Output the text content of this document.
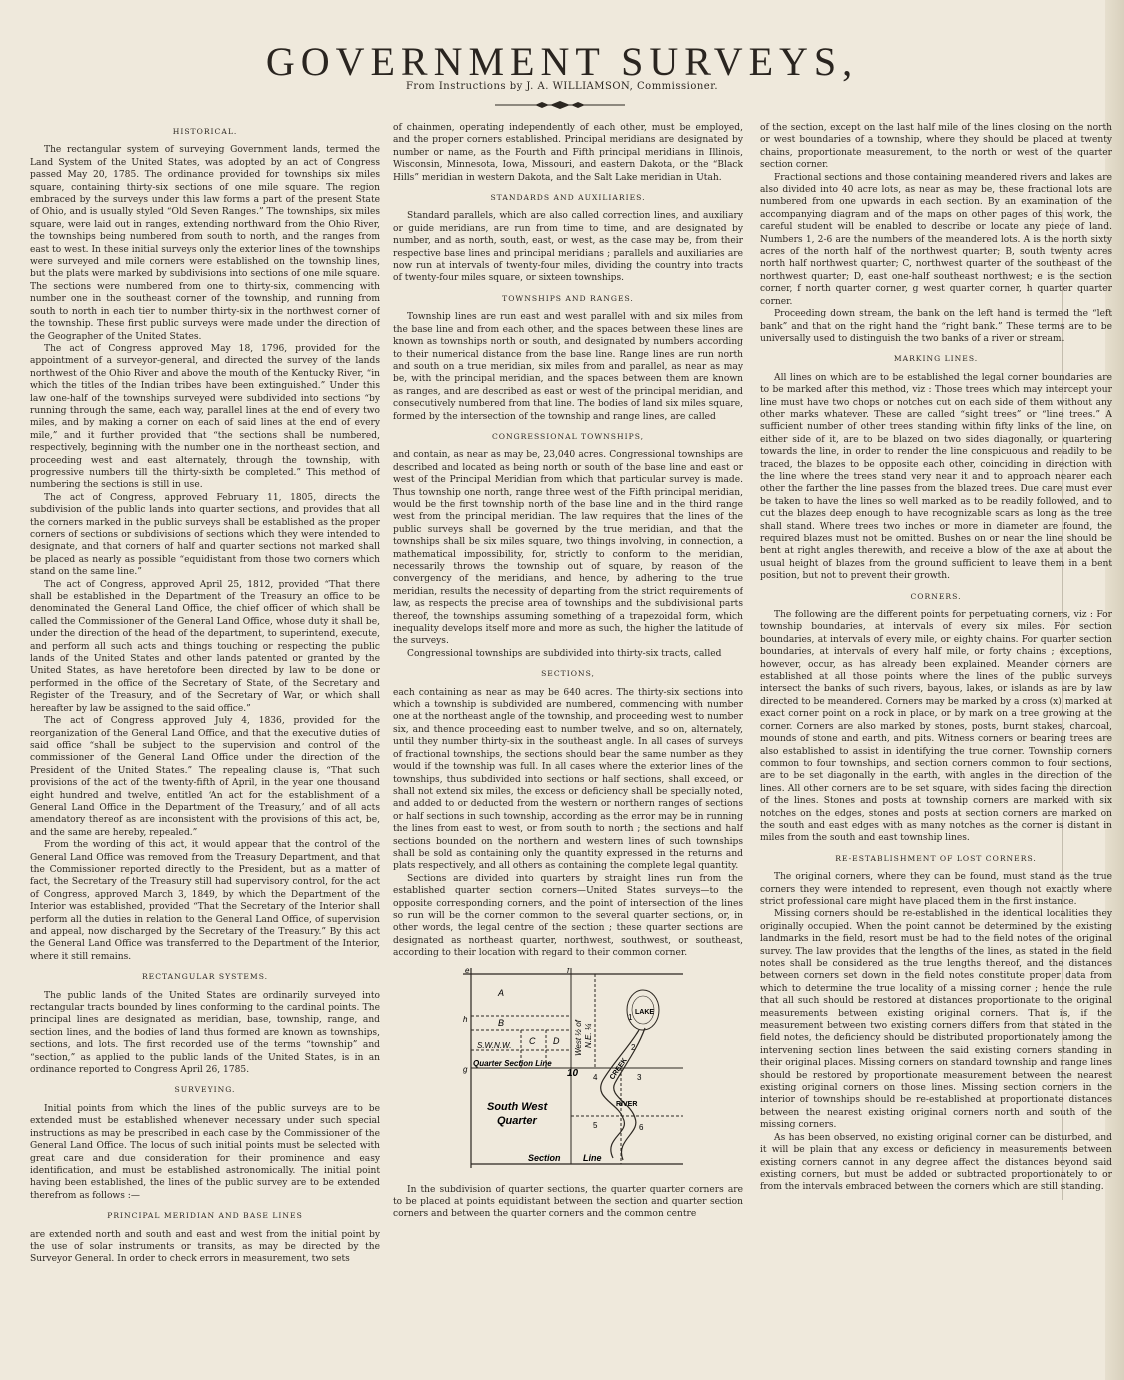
GOVERNMENT SURVEYS,
From Instructions by J. A. WILLIAMSON, Commissioner.
HISTORICAL.

The rectangular system of surveying Government lands, termed the Land System of the United States, was adopted by an act of Congress passed May 20, 1785. The ordinance provided for townships six miles square, containing thirty-six sections of one mile square. The region embraced by the surveys under this law forms a part of the present State of Ohio, and is usually styled “Old Seven Ranges.” The townships, six miles square, were laid out in ranges, extending northward from the Ohio River, the townships being numbered from south to north, and the ranges from east to west. In these initial surveys only the exterior lines of the townships were surveyed and mile corners were established on the township lines, but the plats were marked by subdivisions into sections of one mile square. The sections were numbered from one to thirty-six, commencing with number one in the southeast corner of the township, and running from south to north in each tier to number thirty-six in the northwest corner of the township. These first public surveys were made under the direction of the Geographer of the United States.

The act of Congress approved May 18, 1796, provided for the appointment of a surveyor-general, and directed the survey of the lands northwest of the Ohio River and above the mouth of the Kentucky River, “in which the titles of the Indian tribes have been extinguished.” Under this law one-half of the townships surveyed were subdivided into sections “by running through the same, each way, parallel lines at the end of every two miles, and by making a corner on each of said lines at the end of every mile,” and it further provided that “the sections shall be numbered, respectively, beginning with the number one in the northeast section, and proceeding west and east alternately, through the township, with progressive numbers till the thirty-sixth be completed.” This method of numbering the sections is still in use.

The act of Congress, approved February 11, 1805, directs the subdivision of the public lands into quarter sections, and provides that all the corners marked in the public surveys shall be established as the proper corners of sections or subdivisions of sections which they were intended to designate, and that corners of half and quarter sections not marked shall be placed as nearly as possible “equidistant from those two corners which stand on the same line.”

The act of Congress, approved April 25, 1812, provided “That there shall be established in the Department of the Treasury an office to be denominated the General Land Office, the chief officer of which shall be called the Commissioner of the General Land Office, whose duty it shall be, under the direction of the head of the department, to superintend, execute, and perform all such acts and things touching or respecting the public lands of the United States and other lands patented or granted by the United States, as have heretofore been directed by law to be done or performed in the office of the Secretary of State, of the Secretary and Register of the Treasury, and of the Secretary of War, or which shall hereafter by law be assigned to the said office.”

The act of Congress approved July 4, 1836, provided for the reorganization of the General Land Office, and that the executive duties of said office “shall be subject to the supervision and control of the commissioner of the General Land Office under the direction of the President of the United States.” The repealing clause is, “That such provisions of the act of the twenty-fifth of April, in the year one thousand eight hundred and twelve, entitled ‘An act for the establishment of a General Land Office in the Department of the Treasury,’ and of all acts amendatory thereof as are inconsistent with the provisions of this act, be, and the same are hereby, repealed.”

From the wording of this act, it would appear that the control of the General Land Office was removed from the Treasury Department, and that the Commissioner reported directly to the President, but as a matter of fact, the Secretary of the Treasury still had supervisory control, for the act of Congress, approved March 3, 1849, by which the Department of the Interior was established, provided “That the Secretary of the Interior shall perform all the duties in relation to the General Land Office, of supervision and appeal, now discharged by the Secretary of the Treasury.” By this act the General Land Office was transferred to the Department of the Interior, where it still remains.

RECTANGULAR SYSTEMS.

The public lands of the United States are ordinarily surveyed into rectangular tracts bounded by lines conforming to the cardinal points. The principal lines are designated as meridian, base, township, range, and section lines, and the bodies of land thus formed are known as townships, sections, and lots. The first recorded use of the terms “township” and “section,” as applied to the public lands of the United States, is in an ordinance reported to Congress April 26, 1785.

SURVEYING.

Initial points from which the lines of the public surveys are to be extended must be established whenever necessary under such special instructions as may be prescribed in each case by the Commissioner of the General Land Office. The locus of such initial points must be selected with great care and due consideration for their prominence and easy identification, and must be established astronomically. The initial point having been established, the lines of the public survey are to be extended therefrom as follows :—

PRINCIPAL MERIDIAN AND BASE LINES

are extended north and south and east and west from the initial point by the use of solar instruments or transits, as may be directed by the Surveyor General. In order to check errors in measurement, two sets

of chainmen, operating independently of each other, must be employed, and the proper corners established. Principal meridians are designated by number or name, as the Fourth and Fifth principal meridians in Illinois, Wisconsin, Minnesota, Iowa, Missouri, and eastern Dakota, or the “Black Hills” meridian in western Dakota, and the Salt Lake meridian in Utah.

STANDARDS AND AUXILIARIES.

Standard parallels, which are also called correction lines, and auxiliary or guide meridians, are run from time to time, and are designated by number, and as north, south, east, or west, as the case may be, from their respective base lines and principal meridians ; parallels and auxiliaries are now run at intervals of twenty-four miles, dividing the country into tracts of twenty-four miles square, or sixteen townships.

TOWNSHIPS AND RANGES.

Township lines are run east and west parallel with and six miles from the base line and from each other, and the spaces between these lines are known as townships north or south, and designated by numbers according to their numerical distance from the base line. Range lines are run north and south on a true meridian, six miles from and parallel, as near as may be, with the principal meridian, and the spaces between them are known as ranges, and are described as east or west of the principal meridian, and consecutively numbered from that line. The bodies of land six miles square, formed by the intersection of the township and range lines, are called

CONGRESSIONAL TOWNSHIPS,

and contain, as near as may be, 23,040 acres. Congressional townships are described and located as being north or south of the base line and east or west of the Principal Meridian from which that particular survey is made. Thus township one north, range three west of the Fifth principal meridian, would be the first township north of the base line and in the third range west from the principal meridian. The law requires that the lines of the public surveys shall be governed by the true meridian, and that the townships shall be six miles square, two things involving, in connection, a mathematical impossibility, for, strictly to conform to the meridian, necessarily throws the township out of square, by reason of the convergency of the meridians, and hence, by adhering to the true meridian, results the necessity of departing from the strict requirements of law, as respects the precise area of townships and the subdivisional parts thereof, the townships assuming something of a trapezoidal form, which inequality develops itself more and more as such, the higher the latitude of the surveys.

Congressional townships are subdivided into thirty-six tracts, called

SECTIONS,

each containing as near as may be 640 acres. The thirty-six sections into which a township is subdivided are numbered, commencing with number one at the northeast angle of the township, and proceeding west to number six, and thence proceeding east to number twelve, and so on, alternately, until they number thirty-six in the southeast angle. In all cases of surveys of fractional townships, the sections should bear the same number as they would if the township was full. In all cases where the exterior lines of the townships, thus subdivided into sections or half sections, shall exceed, or shall not extend six miles, the excess or deficiency shall be specially noted, and added to or deducted from the western or northern ranges of sections or half sections in such township, according as the error may be in running the lines from east to west, or from south to north ; the sections and half sections bounded on the northern and western lines of such townships shall be sold as containing only the quantity expressed in the returns and plats respectively, and all others as containing the complete legal quantity.

Sections are divided into quarters by straight lines run from the established quarter section corners—United States surveys—to the opposite corresponding corners, and the point of intersection of the lines so run will be the corner common to the several quarter sections, or, in other words, the legal centre of the section ; these quarter sections are designated as northeast quarter, northwest, southwest, or southeast, according to their location with regard to their common corner.

e	f
h
g
A
B
C D
S.W.N.W.	West ½ of N.E. ¼
Quarter Section Line
South West
Quarter
Section Line
LAKE
RIVER
CREEK
1
2
3
4
5	6
10

In the subdivision of quarter sections, the quarter quarter corners are to be placed at points equidistant between the section and quarter section corners and between the quarter corners and the common centre

of the section, except on the last half mile of the lines closing on the north or west boundaries of a township, where they should be placed at twenty chains, proportionate measurement, to the north or west of the quarter section corner.

Fractional sections and those containing meandered rivers and lakes are also divided into 40 acre lots, as near as may be, these fractional lots are numbered from one upwards in each section. By an examination of the accompanying diagram and of the maps on other pages of this work, the careful student will be enabled to describe or locate any piece of land. Numbers 1, 2-6 are the numbers of the meandered lots. A is the north sixty acres of the north half of the northwest quarter; B, south twenty acres north half northwest quarter; C, northwest quarter of the southeast of the northwest quarter; D, east one-half southeast northwest; e is the section corner, f north quarter corner, g west quarter corner, h quarter quarter corner.

Proceeding down stream, the bank on the left hand is termed the “left bank” and that on the right hand the “right bank.” These terms are to be universally used to distinguish the two banks of a river or stream.

MARKING LINES.

All lines on which are to be established the legal corner boundaries are to be marked after this method, viz : Those trees which may intercept your line must have two chops or notches cut on each side of them without any other marks whatever. These are called “sight trees” or “line trees.” A sufficient number of other trees standing within fifty links of the line, on either side of it, are to be blazed on two sides diagonally, or quartering towards the line, in order to render the line conspicuous and readily to be traced, the blazes to be opposite each other, coinciding in direction with the line where the trees stand very near it and to approach nearer each other the farther the line passes from the blazed trees. Due care must ever be taken to have the lines so well marked as to be readily followed, and to cut the blazes deep enough to have recognizable scars as long as the tree shall stand. Where trees two inches or more in diameter are found, the required blazes must not be omitted. Bushes on or near the line should be bent at right angles therewith, and receive a blow of the axe at about the usual height of blazes from the ground sufficient to leave them in a bent position, but not to prevent their growth.

CORNERS.

The following are the different points for perpetuating corners, viz : For township boundaries, at intervals of every six miles. For section boundaries, at intervals of every mile, or eighty chains. For quarter section boundaries, at intervals of every half mile, or forty chains ; exceptions, however, occur, as has already been explained. Meander corners are established at all those points where the lines of the public surveys intersect the banks of such rivers, bayous, lakes, or islands as are by law directed to be meandered. Corners may be marked by a cross (x) marked at exact corner point on a rock in place, or by mark on a tree growing at the corner. Corners are also marked by stones, posts, burnt stakes, charcoal, mounds of stone and earth, and pits. Witness corners or bearing trees are also established to assist in identifying the true corner. Township corners common to four townships, and section corners common to four sections, are to be set diagonally in the earth, with angles in the direction of the lines. All other corners are to be set square, with sides facing the direction of the lines. Stones and posts at township corners are marked with six notches on the edges, stones and posts at section corners are marked on the south and east edges with as many notches as the corner is distant in miles from the south and east township lines.

RE-ESTABLISHMENT OF LOST CORNERS.

The original corners, where they can be found, must stand as the true corners they were intended to represent, even though not exactly where strict professional care might have placed them in the first instance.

Missing corners should be re-established in the identical localities they originally occupied. When the point cannot be determined by the existing landmarks in the field, resort must be had to the field notes of the original survey. The law provides that the lengths of the lines, as stated in the field notes shall be considered as the true lengths thereof, and the distances between corners set down in the field notes constitute proper data from which to determine the true locality of a missing corner ; hence the rule that all such should be restored at distances proportionate to the original measurements between existing original corners. That is, if the measurement between two existing corners differs from that stated in the field notes, the deficiency should be distributed proportionately among the intervening section lines between the said existing corners standing in their original places. Missing corners on standard township and range lines should be restored by proportionate measurement between the nearest existing original corners on those lines. Missing section corners in the interior of townships should be re-established at proportionate distances between the nearest existing original corners north and south of the missing corners.

As has been observed, no existing original corner can be disturbed, and it will be plain that any excess or deficiency in measurements between existing corners cannot in any degree affect the distances beyond said existing corners, but must be added or subtracted proportionately to or from the intervals embraced between the corners which are still standing.
